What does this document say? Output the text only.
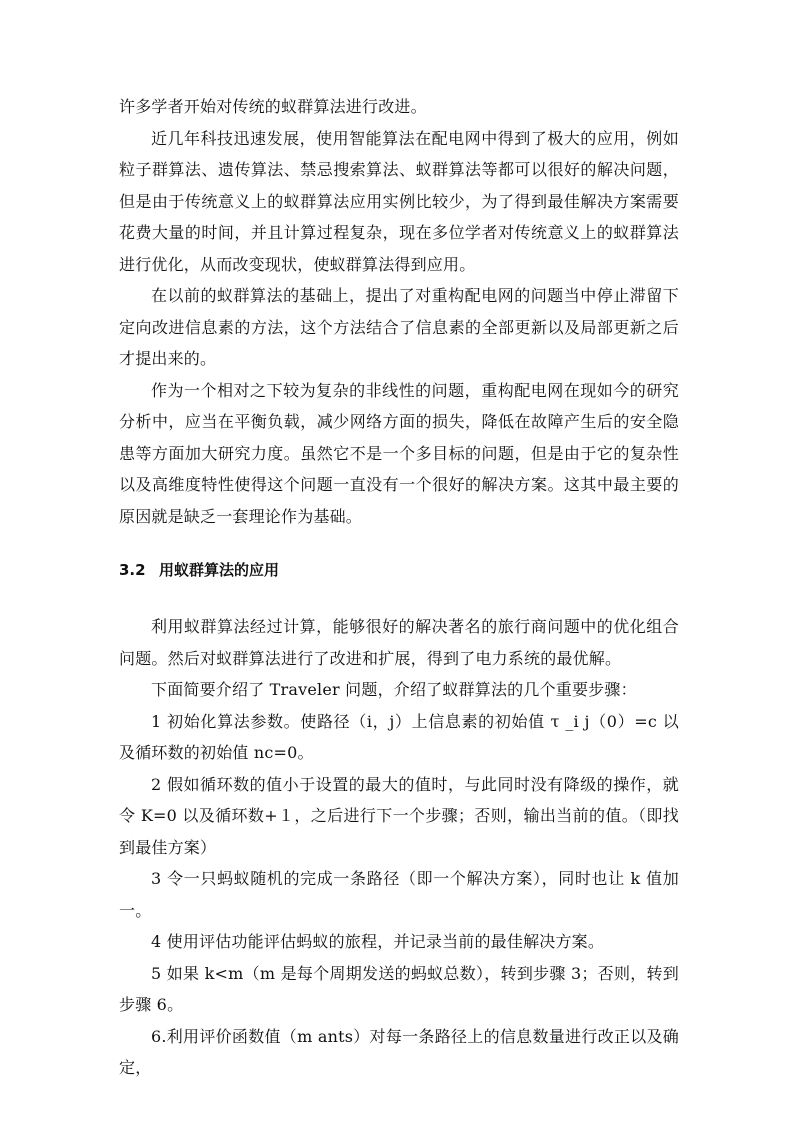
许多学者开始对传统的蚁群算法进行改进。

近几年科技迅速发展，使用智能算法在配电网中得到了极大的应用，例如粒子群算法、遗传算法、禁忌搜索算法、蚁群算法等都可以很好的解决问题，但是由于传统意义上的蚁群算法应用实例比较少，为了得到最佳解决方案需要花费大量的时间，并且计算过程复杂，现在多位学者对传统意义上的蚁群算法进行优化，从而改变现状，使蚁群算法得到应用。

在以前的蚁群算法的基础上，提出了对重构配电网的问题当中停止滞留下定向改进信息素的方法，这个方法结合了信息素的全部更新以及局部更新之后才提出来的。

作为一个相对之下较为复杂的非线性的问题，重构配电网在现如今的研究分析中，应当在平衡负载，减少网络方面的损失，降低在故障产生后的安全隐患等方面加大研究力度。虽然它不是一个多目标的问题，但是由于它的复杂性以及高维度特性使得这个问题一直没有一个很好的解决方案。这其中最主要的原因就是缺乏一套理论作为基础。

3.2 用蚁群算法的应用

利用蚁群算法经过计算，能够很好的解决著名的旅行商问题中的优化组合问题。然后对蚁群算法进行了改进和扩展，得到了电力系统的最优解。

下面简要介绍了 Traveler 问题，介绍了蚁群算法的几个重要步骤：

1 初始化算法参数。使路径（i，j）上信息素的初始值 τ _i j（0）=c 以及循环数的初始值 nc=0。

2 假如循环数的值小于设置的最大的值时，与此同时没有降级的操作，就令 K=0 以及循环数+１，之后进行下一个步骤；否则，输出当前的值。（即找到最佳方案）

3 令一只蚂蚁随机的完成一条路径（即一个解决方案），同时也让 k 值加一。

4 使用评估功能评估蚂蚁的旅程，并记录当前的最佳解决方案。

5 如果 k<m（m 是每个周期发送的蚂蚁总数），转到步骤 3；否则，转到步骤 6。

6.利用评价函数值（m ants）对每一条路径上的信息数量进行改正以及确定，
